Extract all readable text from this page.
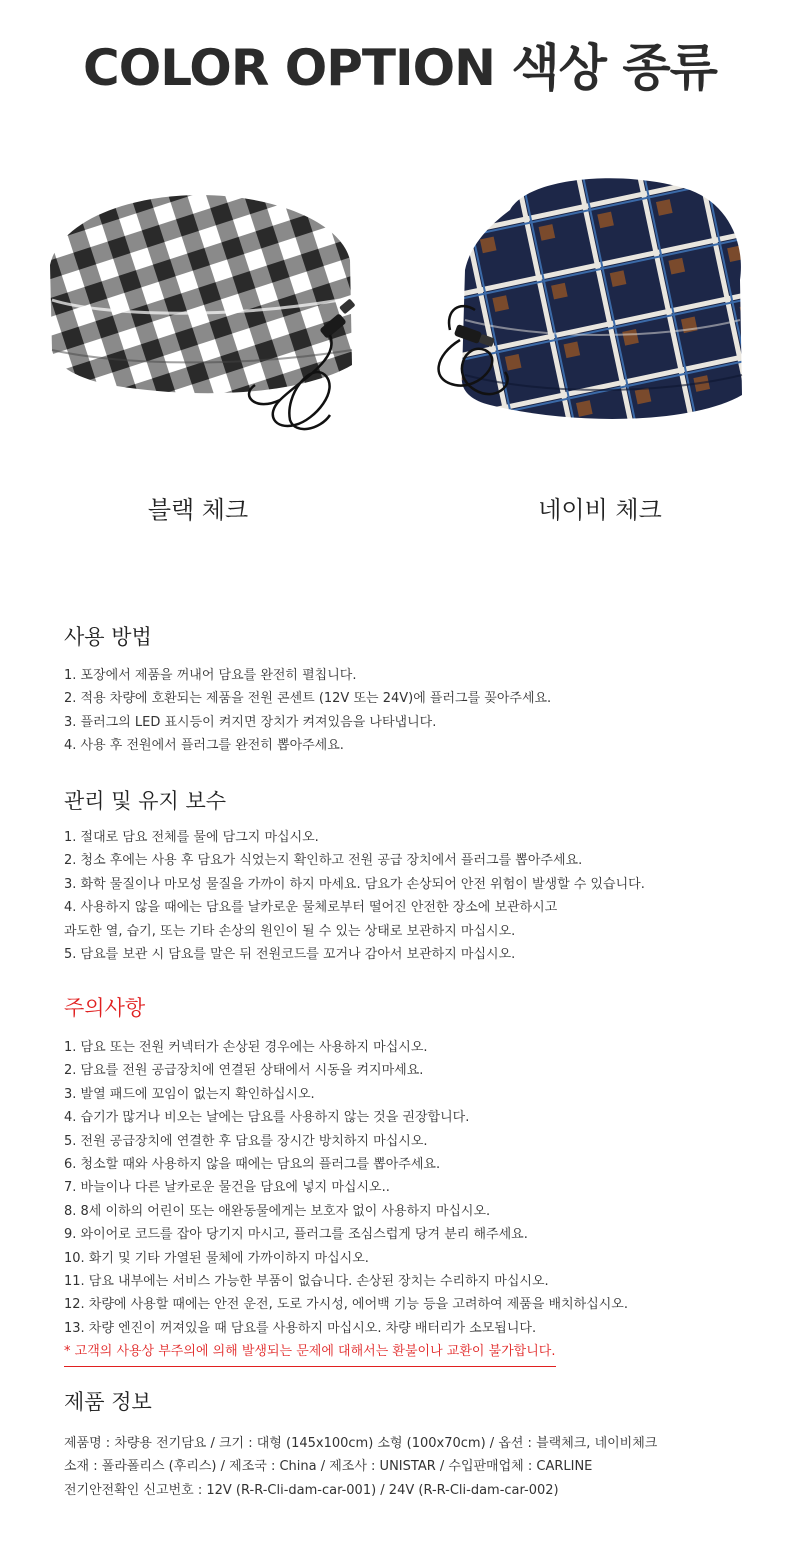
COLOR OPTION 색상 종류
블랙 체크	네이비 체크
사용 방법
1. 포장에서 제품을 꺼내어 담요를 완전히 펼칩니다.
2. 적용 차량에 호환되는 제품을 전원 콘센트 (12V 또는 24V)에 플러그를 꽂아주세요.
3. 플러그의 LED 표시등이 켜지면 장치가 켜져있음을 나타냅니다.
4. 사용 후 전원에서 플러그를 완전히 뽑아주세요.
관리 및 유지 보수
1. 절대로 담요 전체를 물에 담그지 마십시오.
2. 청소 후에는 사용 후 담요가 식었는지 확인하고 전원 공급 장치에서 플러그를 뽑아주세요.
3. 화학 물질이나 마모성 물질을 가까이 하지 마세요. 담요가 손상되어 안전 위험이 발생할 수 있습니다.
4. 사용하지 않을 때에는 담요를 날카로운 물체로부터 떨어진 안전한 장소에 보관하시고
과도한 열, 습기, 또는 기타 손상의 원인이 될 수 있는 상태로 보관하지 마십시오.
5. 담요를 보관 시 담요를 말은 뒤 전원코드를 꼬거나 감아서 보관하지 마십시오.
주의사항
1. 담요 또는 전원 커넥터가 손상된 경우에는 사용하지 마십시오.
2. 담요를 전원 공급장치에 연결된 상태에서 시동을 켜지마세요.
3. 발열 패드에 꼬임이 없는지 확인하십시오.
4. 습기가 많거나 비오는 날에는 담요를 사용하지 않는 것을 권장합니다.
5. 전원 공급장치에 연결한 후 담요를 장시간 방치하지 마십시오.
6. 청소할 때와 사용하지 않을 때에는 담요의 플러그를 뽑아주세요.
7. 바늘이나 다른 날카로운 물건을 담요에 넣지 마십시오..
8. 8세 이하의 어린이 또는 애완동물에게는 보호자 없이 사용하지 마십시오.
9. 와이어로 코드를 잡아 당기지 마시고, 플러그를 조심스럽게 당겨 분리 해주세요.
10. 화기 및 기타 가열된 물체에 가까이하지 마십시오.
11. 담요 내부에는 서비스 가능한 부품이 없습니다. 손상된 장치는 수리하지 마십시오.
12. 차량에 사용할 때에는 안전 운전, 도로 가시성, 에어백 기능 등을 고려하여 제품을 배치하십시오.
13. 차량 엔진이 꺼져있을 때 담요를 사용하지 마십시오. 차량 배터리가 소모됩니다.
* 고객의 사용상 부주의에 의해 발생되는 문제에 대해서는 환불이나 교환이 불가합니다.
제품 정보
제품명 : 차량용 전기담요 / 크기 : 대형 (145x100cm) 소형 (100x70cm) / 옵션 : 블랙체크, 네이비체크
소재 : 폴라폴리스 (후리스) / 제조국 : China / 제조사 : UNISTAR / 수입판매업체 : CARLINE
전기안전확인 신고번호 : 12V (R-R-Cli-dam-car-001) / 24V (R-R-Cli-dam-car-002)
